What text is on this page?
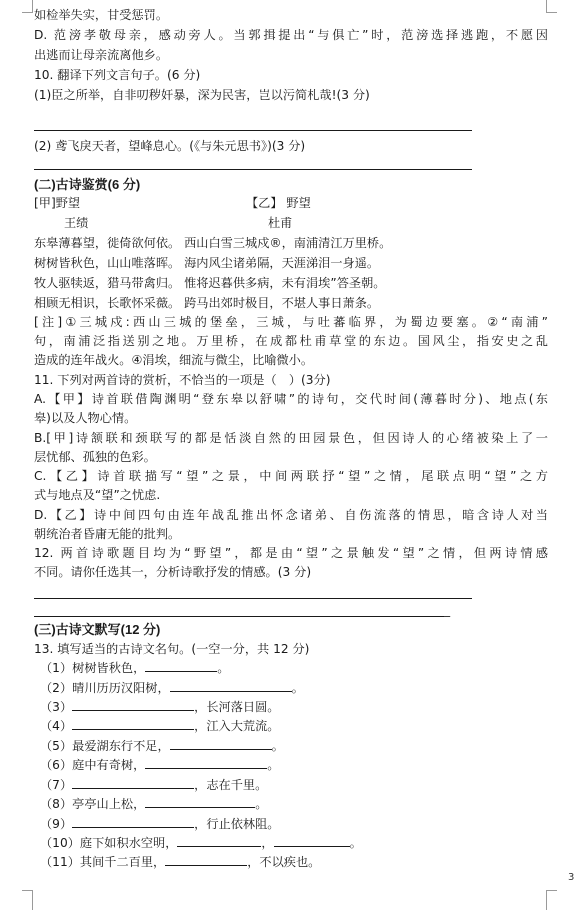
3
如检举失实，甘受惩罚。
D. 范滂孝敬母亲，感动旁人。当郭揖提出“与俱亡”时，范滂选择逃跑，不愿因
出逃而让母亲流离他乡。
10. 翻译下列文言句子。(6 分)
(1)臣之所举，自非叨秽奸暴，深为民害，岂以污简札哉!(3 分)
(2) 鸢飞戾天者，望峰息心。(《与朱元思书》)(3 分)
(二)古诗鉴赏(6 分)
[甲]野望	【乙】 野望
王绩	杜甫
东皋薄暮望，徙倚欲何依。 西山白雪三城戍®，南浦清江万里桥。
树树皆秋色，山山唯落晖。 海内风尘诸弟隔，天涯涕泪一身遥。
牧人驱犊返，猎马带禽归。 惟将迟暮供多病，未有涓埃”答圣朝。
相顾无相识，长歌怀采薇。 跨马出郊时极目，不堪人事日萧条。
[注]①三城戍:西山三城的堡垒，三城，与吐蕃临界，为蜀边要塞。②“南浦”
句，南浦泛指送别之地。万里桥，在成都杜甫草堂的东边。国风尘，指安史之乱
造成的连年战火。④涓埃，细流与微尘，比喻微小。
11. 下列对两首诗的赏析，不恰当的一项是（　）(3分)
A.【甲】诗首联借陶渊明“登东皋以舒啸”的诗句，交代时间(薄暮时分)、地点(东
皋)以及人物心情。
B.[甲]诗颔联和颈联写的都是恬淡自然的田园景色，但因诗人的心绪被染上了一
层忧郁、孤独的色彩。
C.【乙】诗首联描写“望”之景，中间两联抒“望”之情，尾联点明“望”之方
式与地点及“望”之忧虑.
D.【乙】诗中间四句由连年战乱推出怀念诸弟、自伤流落的情思，暗含诗人对当
朝统治者昏庸无能的批判。
12. 两首诗歌题目均为“野望”，都是由“望”之景触发“望”之情，但两诗情感
不同。请你任选其一，分析诗歌抒发的情感。(3 分)
_
(三)古诗文默写(12 分)
13. 填写适当的古诗文名句。(一空一分，共 12 分)
（1）树树皆秋色，	。
（2）晴川历历汉阳树，	。
（3）	，长河落日圆。
（4）	，江入大荒流。
（5）最爱湖东行不足，	。
（6）庭中有奇树，	。
（7）	，志在千里。
（8）亭亭山上松，	。
（9）	，行止依林阻。
（10）庭下如积水空明，	，	。
（11）其间千二百里，	，不以疾也。
